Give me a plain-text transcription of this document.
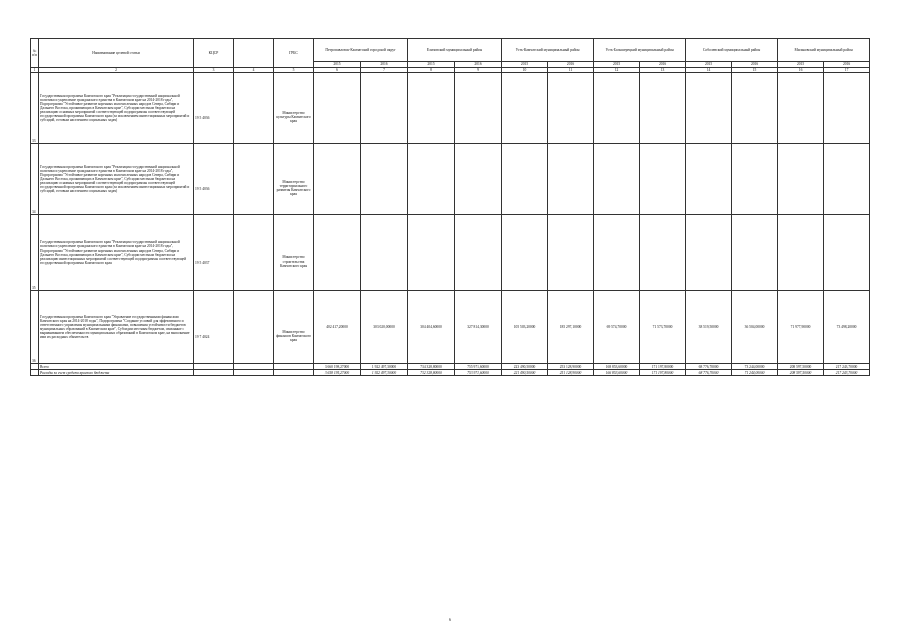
№ п/п	Наименование целевой статьи	КЦСР		ГРБС	Петропавловск-Камчатский городской округ		Елизовский муниципальный район		Усть-Камчатский муниципальный район		Усть-Большерецкий муниципальный район		Соболевский муниципальный район		Мильковский муниципальный район	
					2015	2016	2015	2016	2015	2016	2015	2016	2015	2016	2015	2016
1	2	3	4	5	6	7	8	9	10	11	12	13	14	15	16	17
33	Государственная программа Камчатского края "Реализация государственной национальной политики и укрепление гражданского единства в Камчатском крае на 2014-2018 годы", Подпрограмма "Устойчивое развитие коренных малочисленных народов Севера, Сибири и Дальнего Востока, проживающих в Камчатском крае", Субсидии местным бюджетам на реализацию основных мероприятий соответствующей подпрограммы соответствующей государственной программы Камчатского края (за исключением инвестиционных мероприятий и субсидий, готовым населением социальных задач)	19 5 4036		Министерство культуры Камчатского края												
34	Государственная программа Камчатского края "Реализация государственной национальной политики и укрепление гражданского единства в Камчатском крае на 2014-2018 годы", Подпрограмма "Устойчивое развитие коренных малочисленных народов Севера, Сибири и Дальнего Востока, проживающих в Камчатском крае", Субсидии местным бюджетам на реализацию основных мероприятий соответствующей подпрограммы соответствующей государственной программы Камчатского края (за исключением инвестиционных мероприятий и субсидий, готовым населением социальных задач)	19 5 4036		Министерство территориального развития Камчатского края												
35	Государственная программа Камчатского края "Реализация государственной национальной политики и укрепление гражданского единства в Камчатском крае на 2014-2018 годы", Подпрограмма "Устойчивое развитие коренных малочисленных народов Севера, Сибири и Дальнего Востока, проживающих в Камчатском крае", Субсидии местным бюджетам на реализацию инвестиционных мероприятий соответствующей подпрограммы соответствующей государственной программы Камчатского края	19 5 4037		Министерство строительства Камчатского края												
36	Государственная программа Камчатского края "Управление государственными финансами Камчатского края на 2014-2018 годы", Подпрограмма "Создание условий для эффективного и ответственного управления муниципальными финансами, повышения устойчивости бюджетов муниципальных образований в Камчатском крае", Субсидии местным бюджетам, связанные с выравниванием обеспеченности муниципальных образований в Камчатском крае, на выполнение ими их расходных обязательств	19 7 4024		Министерство финансов Камчатского края	402 417,20000	303 020,00000	304 404,60000	327 814,30000	105 503,20000	185 297,10000	69 574,70000	71 573,70000	38 519,50000	36 504,00000	71 977,90000	73 498,20000
	Всего				3 660 198,27000	1 922 497,30000	734 328,80000	755 971,60000	223 490,50000	253 128,90000	168 853,60000	171 197,80000	68 776,70000	73 244,00000	208 597,50000	217 243,70000
	Расходы за счет средств краевого бюджета				3 658 195,27000	1 922 497,30000	732 328,80000	753 971,60000	221 490,50000	251 128,90000	166 853,60000	171 197,80000	68 776,70000	71 244,00000	208 597,50000	217 243,70000
6
